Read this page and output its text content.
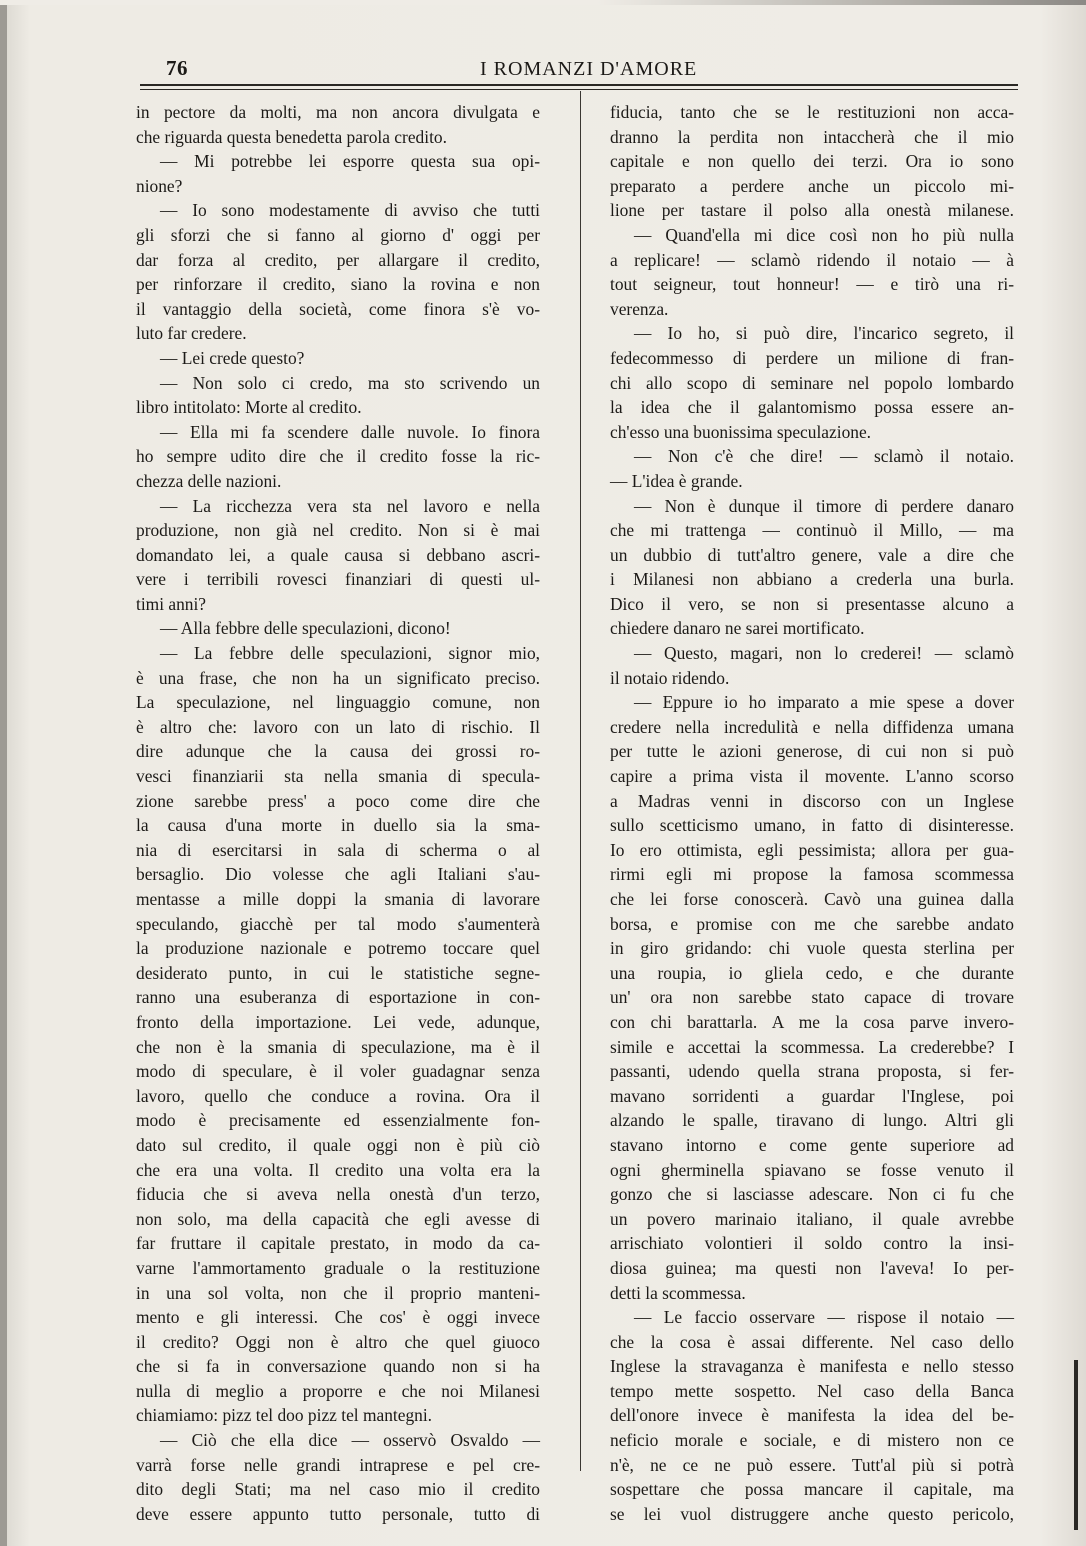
76	I ROMANZI D'AMORE
in pectore da molti, ma non ancora divulgata e
che riguarda questa benedetta parola credito.
— Mi potrebbe lei esporre questa sua opi-
nione?
— Io sono modestamente di avviso che tutti
gli sforzi che si fanno al giorno d' oggi per
dar forza al credito, per allargare il credito,
per rinforzare il credito, siano la rovina e non
il vantaggio della società, come finora s'è vo-
luto far credere.
— Lei crede questo?
— Non solo ci credo, ma sto scrivendo un
libro intitolato: Morte al credito.
— Ella mi fa scendere dalle nuvole. Io finora
ho sempre udito dire che il credito fosse la ric-
chezza delle nazioni.
— La ricchezza vera sta nel lavoro e nella
produzione, non già nel credito. Non si è mai
domandato lei, a quale causa si debbano ascri-
vere i terribili rovesci finanziari di questi ul-
timi anni?
— Alla febbre delle speculazioni, dicono!
— La febbre delle speculazioni, signor mio,
è una frase, che non ha un significato preciso.
La speculazione, nel linguaggio comune, non
è altro che: lavoro con un lato di rischio. Il
dire adunque che la causa dei grossi ro-
vesci finanziarii sta nella smania di specula-
zione sarebbe press' a poco come dire che
la causa d'una morte in duello sia la sma-
nia di esercitarsi in sala di scherma o al
bersaglio. Dio volesse che agli Italiani s'au-
mentasse a mille doppi la smania di lavorare
speculando, giacchè per tal modo s'aumenterà
la produzione nazionale e potremo toccare quel
desiderato punto, in cui le statistiche segne-
ranno una esuberanza di esportazione in con-
fronto della importazione. Lei vede, adunque,
che non è la smania di speculazione, ma è il
modo di speculare, è il voler guadagnar senza
lavoro, quello che conduce a rovina. Ora il
modo è precisamente ed essenzialmente fon-
dato sul credito, il quale oggi non è più ciò
che era una volta. Il credito una volta era la
fiducia che si aveva nella onestà d'un terzo,
non solo, ma della capacità che egli avesse di
far fruttare il capitale prestato, in modo da ca-
varne l'ammortamento graduale o la restituzione
in una sol volta, non che il proprio manteni-
mento e gli interessi. Che cos' è oggi invece
il credito? Oggi non è altro che quel giuoco
che si fa in conversazione quando non si ha
nulla di meglio a proporre e che noi Milanesi
chiamiamo: pizz tel doo pizz tel mantegni.
— Ciò che ella dice — osservò Osvaldo —
varrà forse nelle grandi intraprese e pel cre-
dito degli Stati; ma nel caso mio il credito
deve essere appunto tutto personale, tutto di
fiducia, tanto che se le restituzioni non acca-
dranno la perdita non intaccherà che il mio
capitale e non quello dei terzi. Ora io sono
preparato a perdere anche un piccolo mi-
lione per tastare il polso alla onestà milanese.
— Quand'ella mi dice così non ho più nulla
a replicare! — sclamò ridendo il notaio — à
tout seigneur, tout honneur! — e tirò una ri-
verenza.
— Io ho, si può dire, l'incarico segreto, il
fedecommesso di perdere un milione di fran-
chi allo scopo di seminare nel popolo lombardo
la idea che il galantomismo possa essere an-
ch'esso una buonissima speculazione.
— Non c'è che dire! — sclamò il notaio.
— L'idea è grande.
— Non è dunque il timore di perdere danaro
che mi trattenga — continuò il Millo, — ma
un dubbio di tutt'altro genere, vale a dire che
i Milanesi non abbiano a crederla una burla.
Dico il vero, se non si presentasse alcuno a
chiedere danaro ne sarei mortificato.
— Questo, magari, non lo crederei! — sclamò
il notaio ridendo.
— Eppure io ho imparato a mie spese a dover
credere nella incredulità e nella diffidenza umana
per tutte le azioni generose, di cui non si può
capire a prima vista il movente. L'anno scorso
a Madras venni in discorso con un Inglese
sullo scetticismo umano, in fatto di disinteresse.
Io ero ottimista, egli pessimista; allora per gua-
rirmi egli mi propose la famosa scommessa
che lei forse conoscerà. Cavò una guinea dalla
borsa, e promise con me che sarebbe andato
in giro gridando: chi vuole questa sterlina per
una roupia, io gliela cedo, e che durante
un' ora non sarebbe stato capace di trovare
con chi barattarla. A me la cosa parve invero-
simile e accettai la scommessa. La crederebbe? I
passanti, udendo quella strana proposta, si fer-
mavano sorridenti a guardar l'Inglese, poi
alzando le spalle, tiravano di lungo. Altri gli
stavano intorno e come gente superiore ad
ogni gherminella spiavano se fosse venuto il
gonzo che si lasciasse adescare. Non ci fu che
un povero marinaio italiano, il quale avrebbe
arrischiato volontieri il soldo contro la insi-
diosa guinea; ma questi non l'aveva! Io per-
detti la scommessa.
— Le faccio osservare — rispose il notaio —
che la cosa è assai differente. Nel caso dello
Inglese la stravaganza è manifesta e nello stesso
tempo mette sospetto. Nel caso della Banca
dell'onore invece è manifesta la idea del be-
neficio morale e sociale, e di mistero non ce
n'è, ne ce ne può essere. Tutt'al più si potrà
sospettare che possa mancare il capitale, ma
se lei vuol distruggere anche questo pericolo,
